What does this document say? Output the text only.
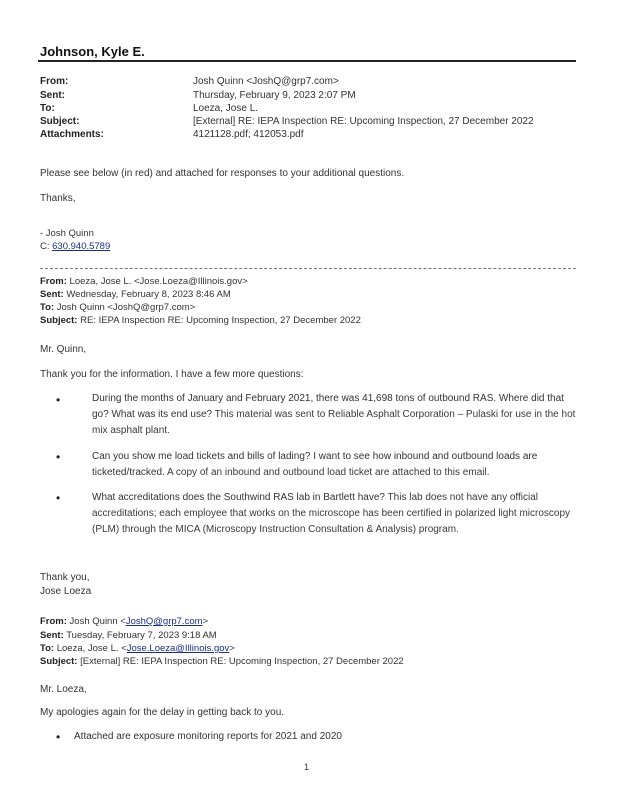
Johnson, Kyle E.
From:	Josh Quinn <JoshQ@grp7.com>
Sent:	Thursday, February 9, 2023 2:07 PM
To:	Loeza, Jose L.
Subject:	[External] RE: IEPA Inspection RE: Upcoming Inspection, 27 December 2022
Attachments:	4121128.pdf; 412053.pdf
Please see below (in red) and attached for responses to your additional questions.
Thanks,
- Josh Quinn
C: 630.940.5789
From: Loeza, Jose L. <Jose.Loeza@Illinois.gov>
Sent: Wednesday, February 8, 2023 8:46 AM
To: Josh Quinn <JoshQ@grp7.com>
Subject: RE: IEPA Inspection RE: Upcoming Inspection, 27 December 2022
Mr. Quinn,
Thank you for the information. I have a few more questions:
•	During the months of January and February 2021, there was 41,698 tons of outbound RAS. Where did that go? What was its end use? This material was sent to Reliable Asphalt Corporation – Pulaski for use in the hot mix asphalt plant.
•	Can you show me load tickets and bills of lading? I want to see how inbound and outbound loads are ticketed/tracked. A copy of an inbound and outbound load ticket are attached to this email.
•	What accreditations does the Southwind RAS lab in Bartlett have? This lab does not have any official accreditations; each employee that works on the microscope has been certified in polarized light microscopy (PLM) through the MICA (Microscopy Instruction Consultation & Analysis) program.
Thank you,
Jose Loeza
From: Josh Quinn <JoshQ@grp7.com>
Sent: Tuesday, February 7, 2023 9:18 AM
To: Loeza, Jose L. <Jose.Loeza@Illinois.gov>
Subject: [External] RE: IEPA Inspection RE: Upcoming Inspection, 27 December 2022
Mr. Loeza,
My apologies again for the delay in getting back to you.
• Attached are exposure monitoring reports for 2021 and 2020
1
